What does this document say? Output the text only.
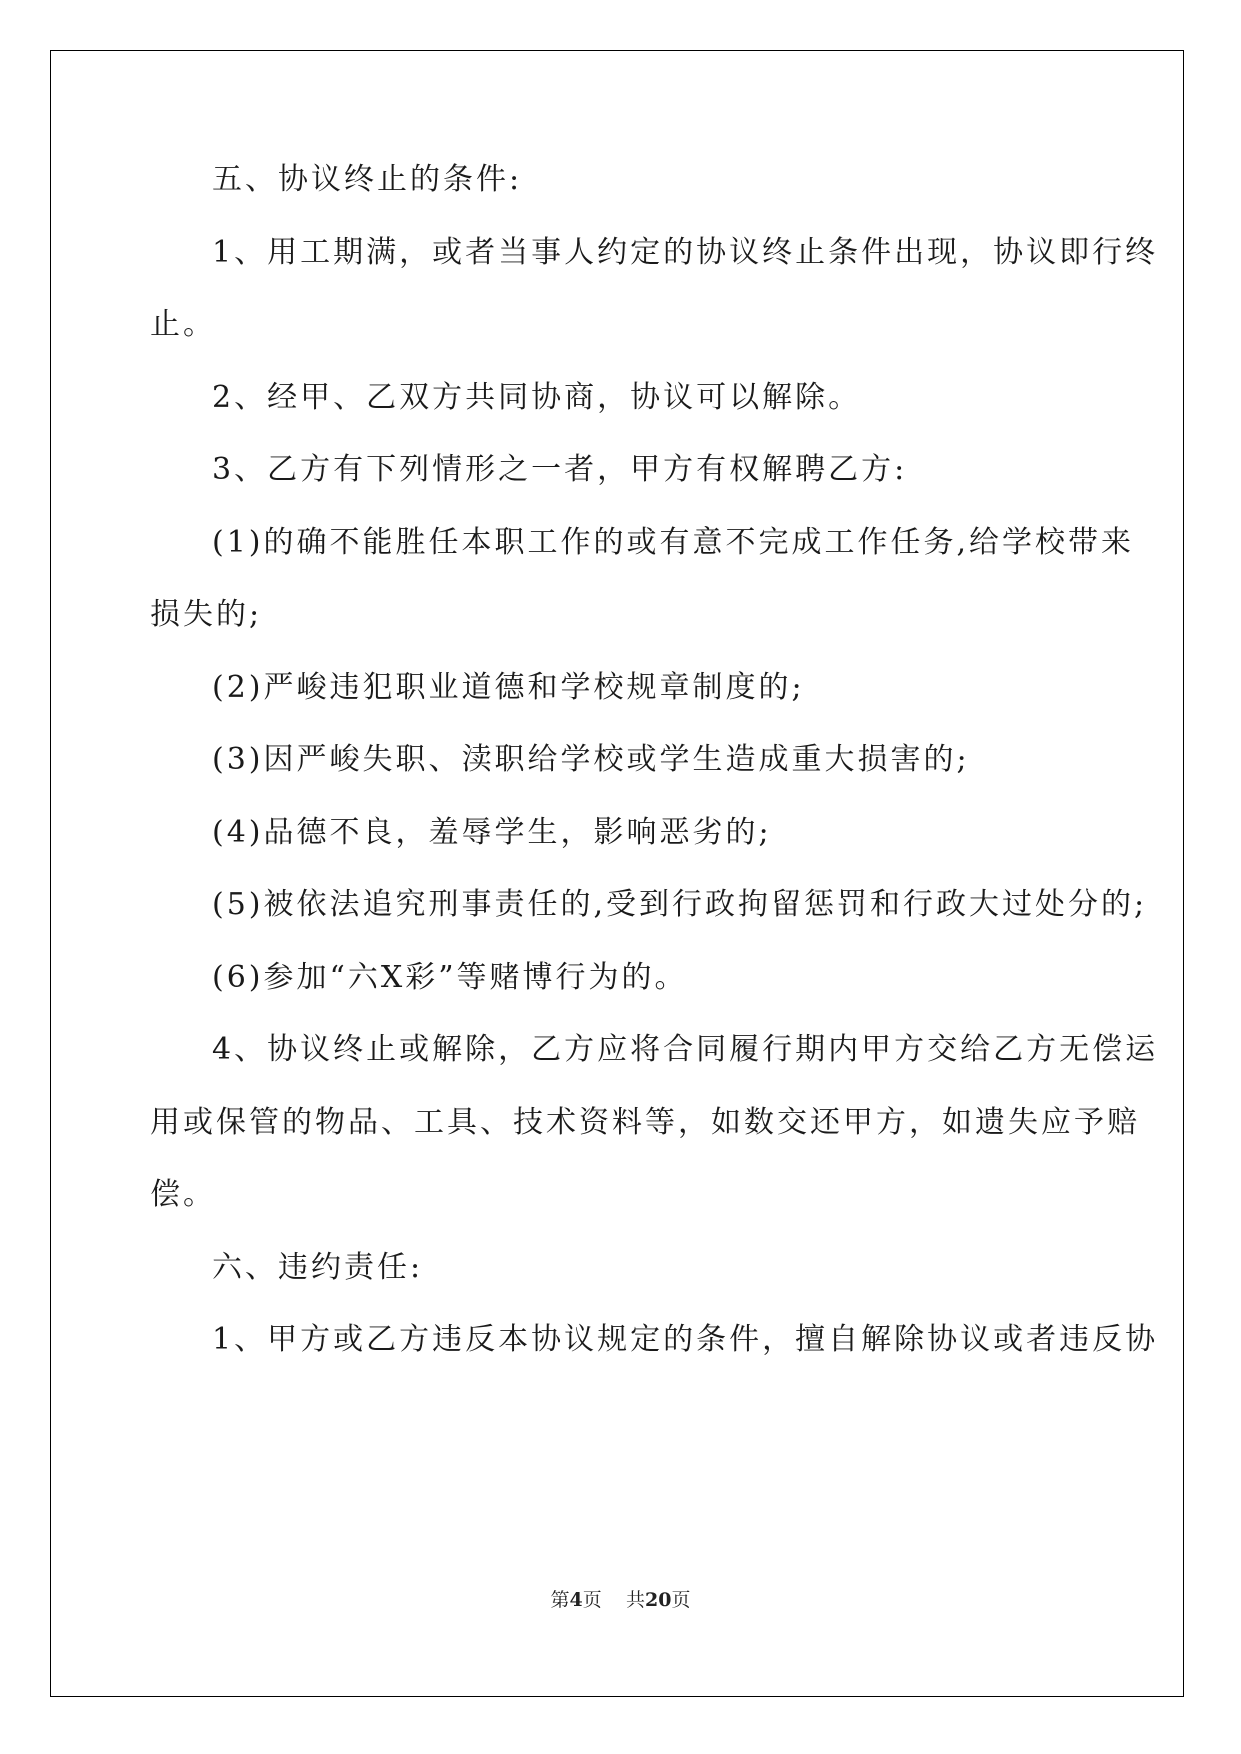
五、协议终止的条件:
1、用工期满，或者当事人约定的协议终止条件出现，协议即行终
止。
2、经甲、乙双方共同协商，协议可以解除。
3、乙方有下列情形之一者，甲方有权解聘乙方:
(1)的确不能胜任本职工作的或有意不完成工作任务,给学校带来
损失的;
(2)严峻违犯职业道德和学校规章制度的;
(3)因严峻失职、渎职给学校或学生造成重大损害的;
(4)品德不良，羞辱学生，影响恶劣的;
(5)被依法追究刑事责任的,受到行政拘留惩罚和行政大过处分的;
(6)参加“六X彩”等赌博行为的。
4、协议终止或解除，乙方应将合同履行期内甲方交给乙方无偿运
用或保管的物品、工具、技术资料等，如数交还甲方，如遗失应予赔
偿。
六、违约责任:
1、甲方或乙方违反本协议规定的条件，擅自解除协议或者违反协
第4页 共20页
